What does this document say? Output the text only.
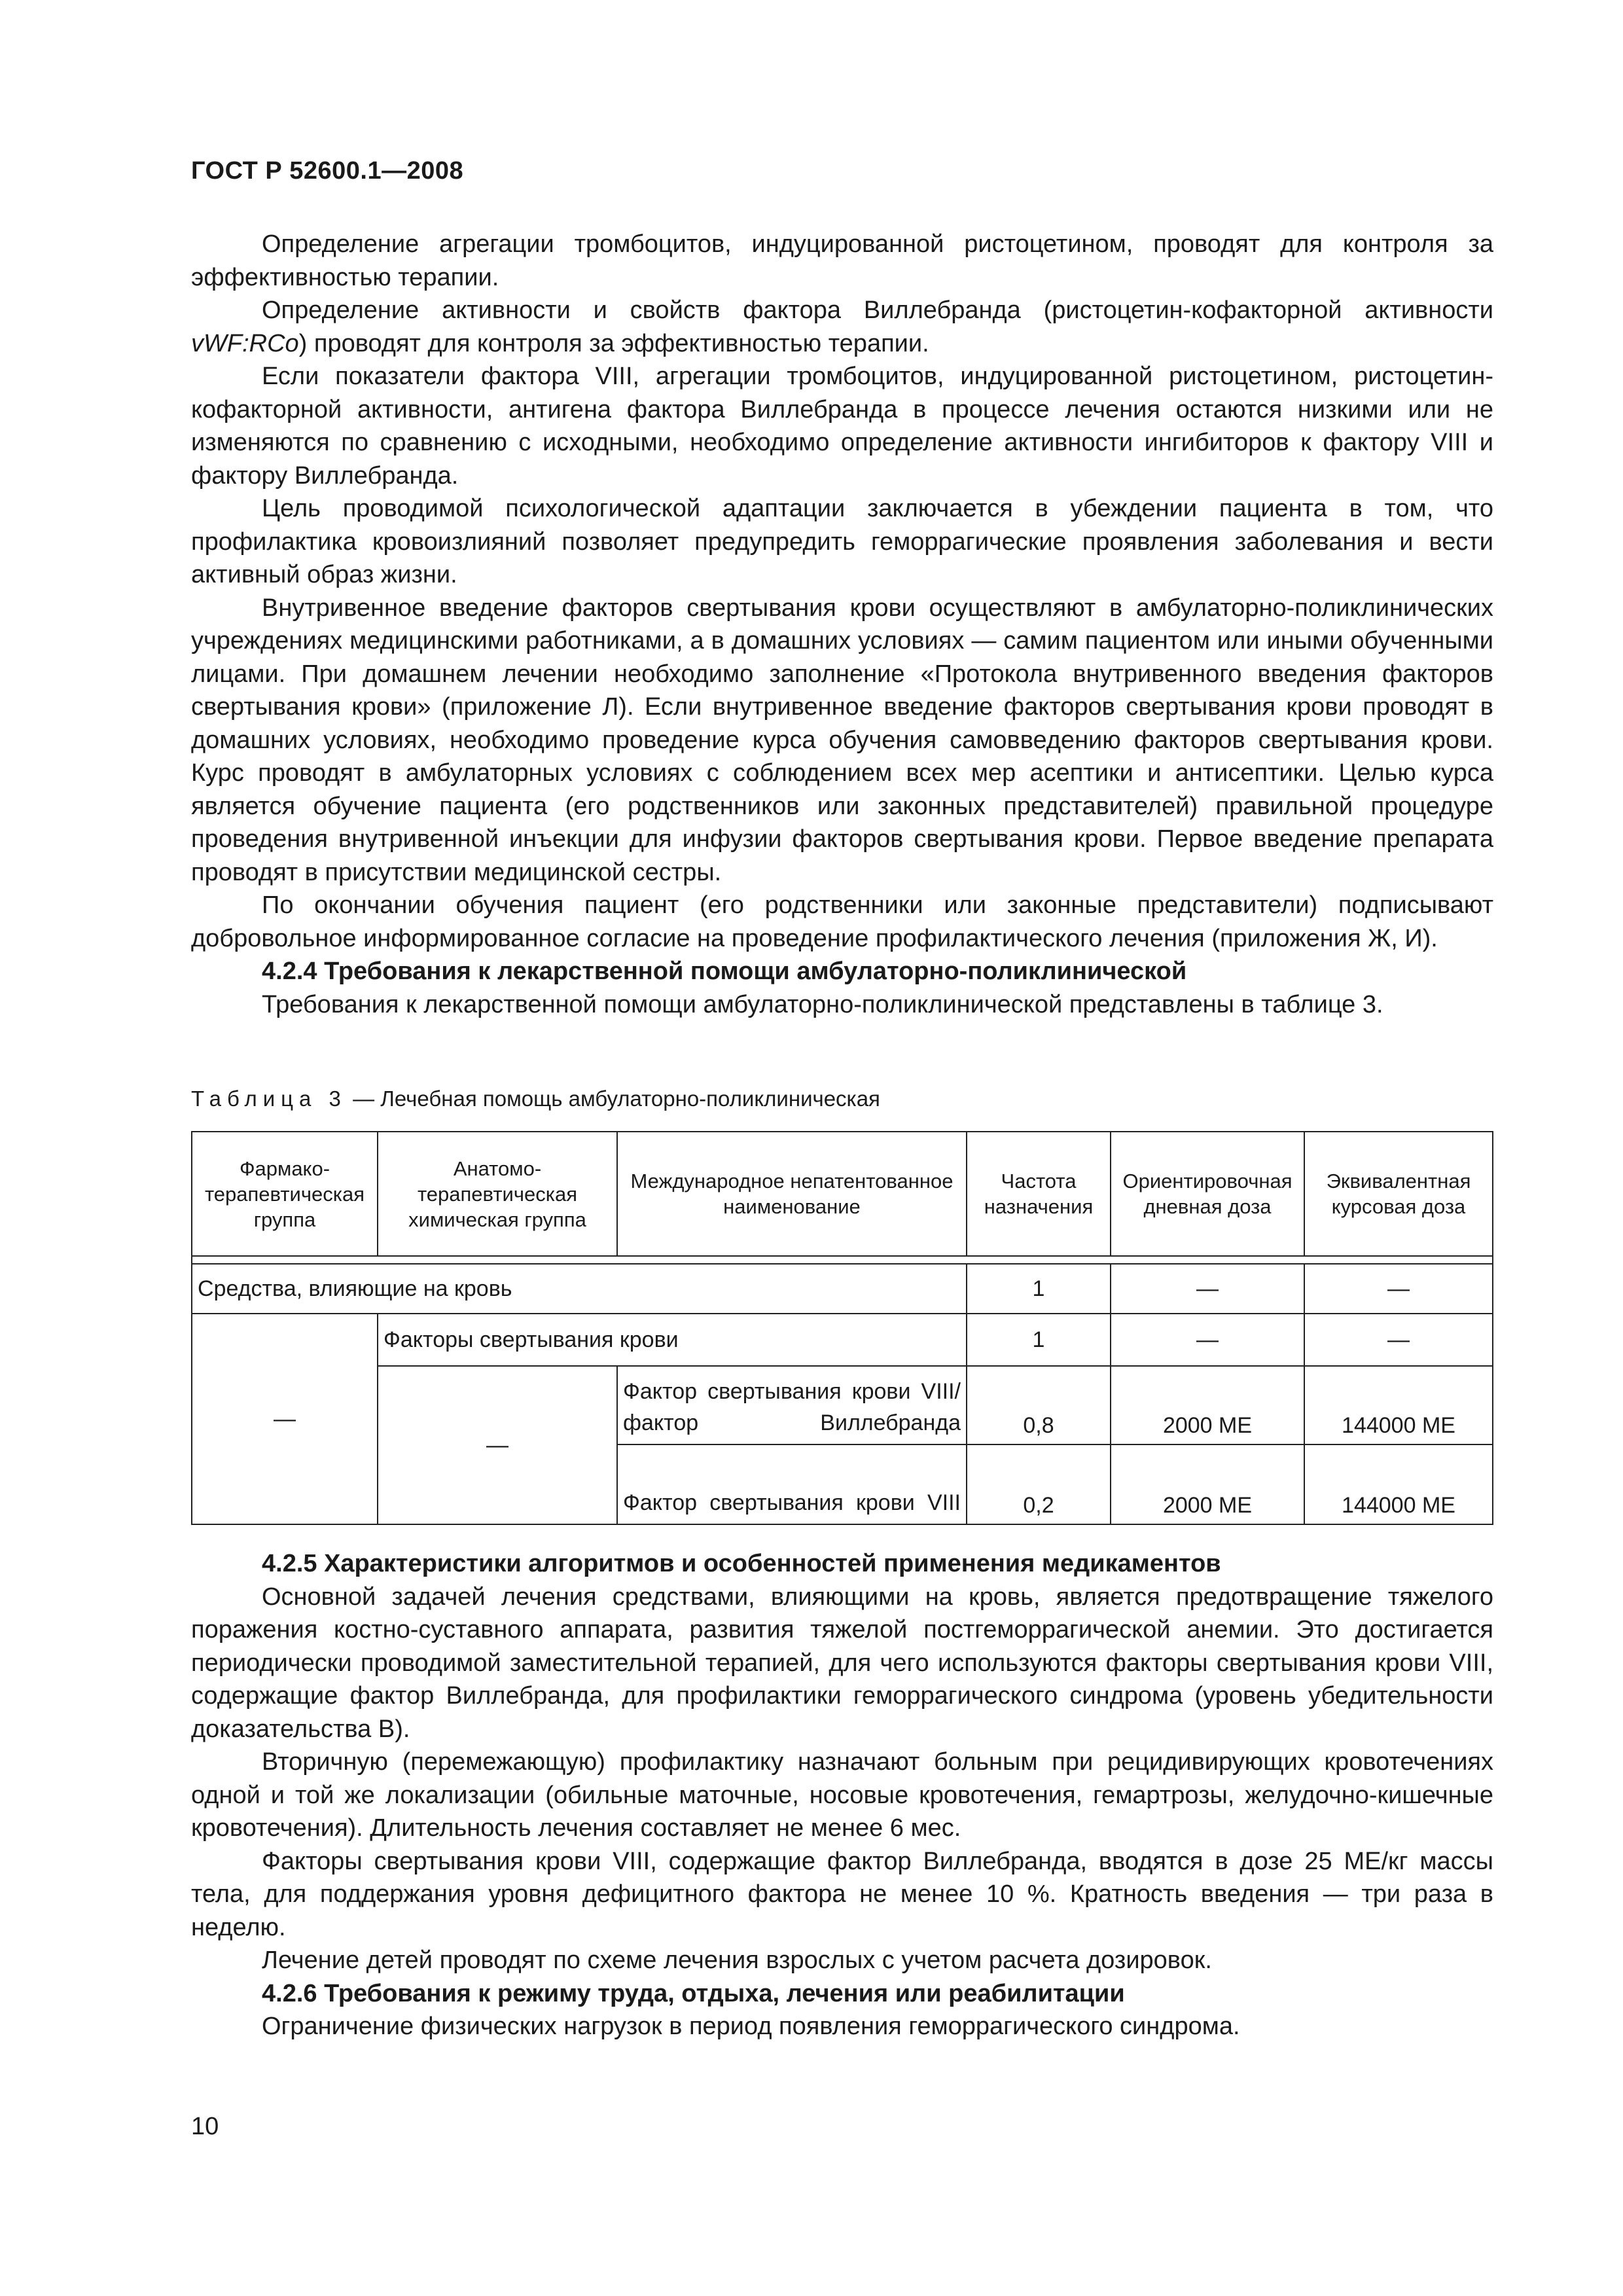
ГОСТ Р 52600.1—2008

Определение агрегации тромбоцитов, индуцированной ристоцетином, проводят для контроля за эффективностью терапии.

Определение активности и свойств фактора Виллебранда (ристоцетин-кофакторной активности vWF:RCo) проводят для контроля за эффективностью терапии.

Если показатели фактора VIII, агрегации тромбоцитов, индуцированной ристоцетином, ристоцетин-кофакторной активности, антигена фактора Виллебранда в процессе лечения остаются низкими или не изменяются по сравнению с исходными, необходимо определение активности ингибиторов к фактору VIII и фактору Виллебранда.

Цель проводимой психологической адаптации заключается в убеждении пациента в том, что профилактика кровоизлияний позволяет предупредить геморрагические проявления заболевания и вести активный образ жизни.

Внутривенное введение факторов свертывания крови осуществляют в амбулаторно-поликлинических учреждениях медицинскими работниками, а в домашних условиях — самим пациентом или иными обученными лицами. При домашнем лечении необходимо заполнение «Протокола внутривенного введения факторов свертывания крови» (приложение Л). Если внутривенное введение факторов свертывания крови проводят в домашних условиях, необходимо проведение курса обучения самовведению факторов свертывания крови. Курс проводят в амбулаторных условиях с соблюдением всех мер асептики и антисептики. Целью курса является обучение пациента (его родственников или законных представителей) правильной процедуре проведения внутривенной инъекции для инфузии факторов свертывания крови. Первое введение препарата проводят в присутствии медицинской сестры.

По окончании обучения пациент (его родственники или законные представители) подписывают добровольное информированное согласие на проведение профилактического лечения (приложения Ж, И).

4.2.4 Требования к лекарственной помощи амбулаторно-поликлинической

Требования к лекарственной помощи амбулаторно-поликлинической представлены в таблице 3.

Таблица 3 — Лечебная помощь амбулаторно-поликлиническая
Фармако-терапевтическая группа	Анатомо-терапевтическая химическая группа	Международное непатентованное наименование	Частота назначения	Ориентировочная дневная доза	Эквивалентная курсовая доза

Средства, влияющие на кровь			1	—	—
—	Факторы свертывания крови		1	—	—
	—	Фактор свертывания крови VIII/фактор Виллебранда	0,8	2000 МЕ	144000 МЕ
		Фактор свертывания крови VIII	0,2	2000 МЕ	144000 МЕ

4.2.5 Характеристики алгоритмов и особенностей применения медикаментов

Основной задачей лечения средствами, влияющими на кровь, является предотвращение тяжелого поражения костно-суставного аппарата, развития тяжелой постгеморрагической анемии. Это достигается периодически проводимой заместительной терапией, для чего используются факторы свертывания крови VIII, содержащие фактор Виллебранда, для профилактики геморрагического синдрома (уровень убедительности доказательства B).

Вторичную (перемежающую) профилактику назначают больным при рецидивирующих кровотечениях одной и той же локализации (обильные маточные, носовые кровотечения, гемартрозы, желудочно-кишечные кровотечения). Длительность лечения составляет не менее 6 мес.

Факторы свертывания крови VIII, содержащие фактор Виллебранда, вводятся в дозе 25 МЕ/кг массы тела, для поддержания уровня дефицитного фактора не менее 10 %. Кратность введения — три раза в неделю.

Лечение детей проводят по схеме лечения взрослых с учетом расчета дозировок.

4.2.6 Требования к режиму труда, отдыха, лечения или реабилитации

Ограничение физических нагрузок в период появления геморрагического синдрома.

10
